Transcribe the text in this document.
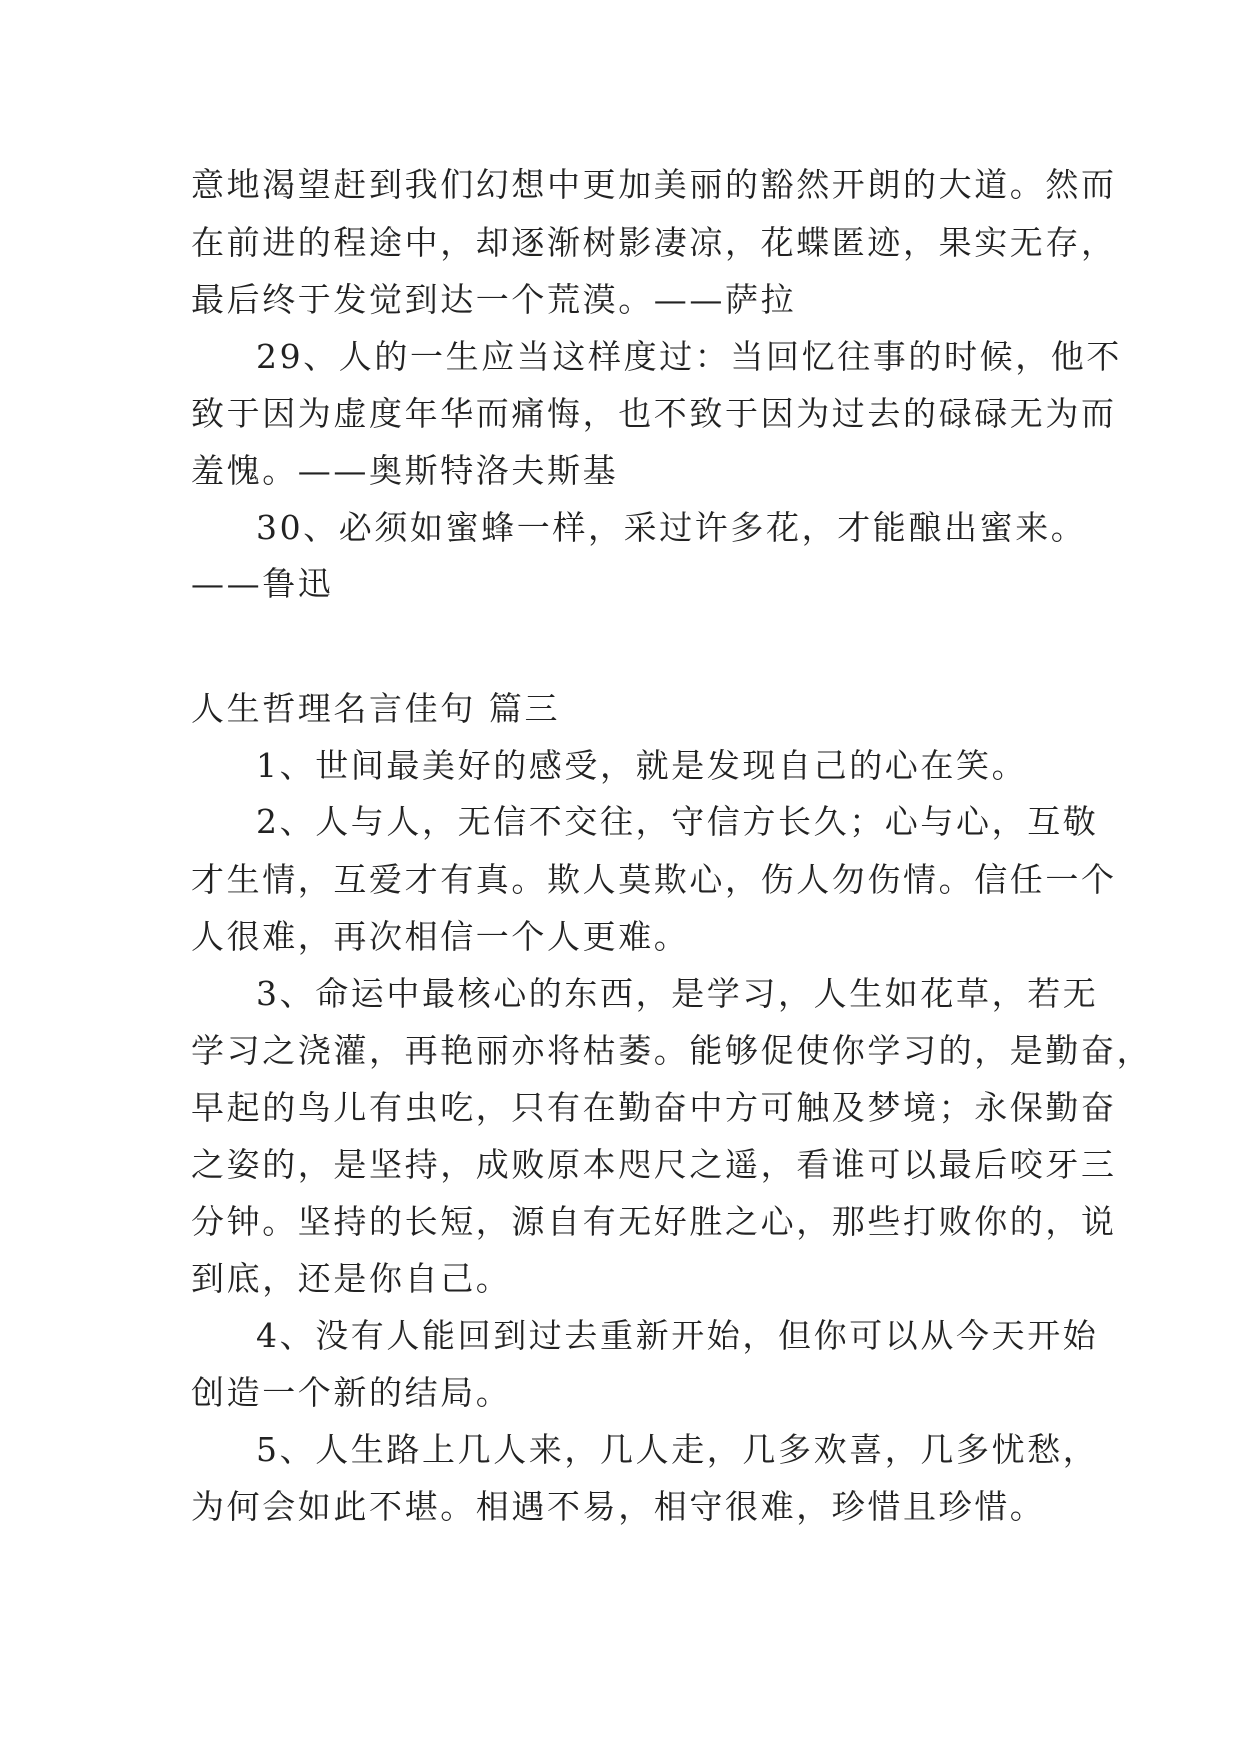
意地渴望赶到我们幻想中更加美丽的豁然开朗的大道。然而
在前进的程途中，却逐渐树影凄凉，花蝶匿迹，果实无存，
最后终于发觉到达一个荒漠。——萨拉
29、人的一生应当这样度过：当回忆往事的时候，他不
致于因为虚度年华而痛悔，也不致于因为过去的碌碌无为而
羞愧。——奥斯特洛夫斯基
30、必须如蜜蜂一样，采过许多花，才能酿出蜜来。
——鲁迅
人生哲理名言佳句 篇三
1、世间最美好的感受，就是发现自己的心在笑。
2、人与人，无信不交往，守信方长久；心与心，互敬
才生情，互爱才有真。欺人莫欺心，伤人勿伤情。信任一个
人很难，再次相信一个人更难。
3、命运中最核心的东西，是学习，人生如花草，若无
学习之浇灌，再艳丽亦将枯萎。能够促使你学习的，是勤奋，
早起的鸟儿有虫吃，只有在勤奋中方可触及梦境；永保勤奋
之姿的，是坚持，成败原本咫尺之遥，看谁可以最后咬牙三
分钟。坚持的长短，源自有无好胜之心，那些打败你的，说
到底，还是你自己。
4、没有人能回到过去重新开始，但你可以从今天开始
创造一个新的结局。
5、人生路上几人来，几人走，几多欢喜，几多忧愁，
为何会如此不堪。相遇不易，相守很难，珍惜且珍惜。
